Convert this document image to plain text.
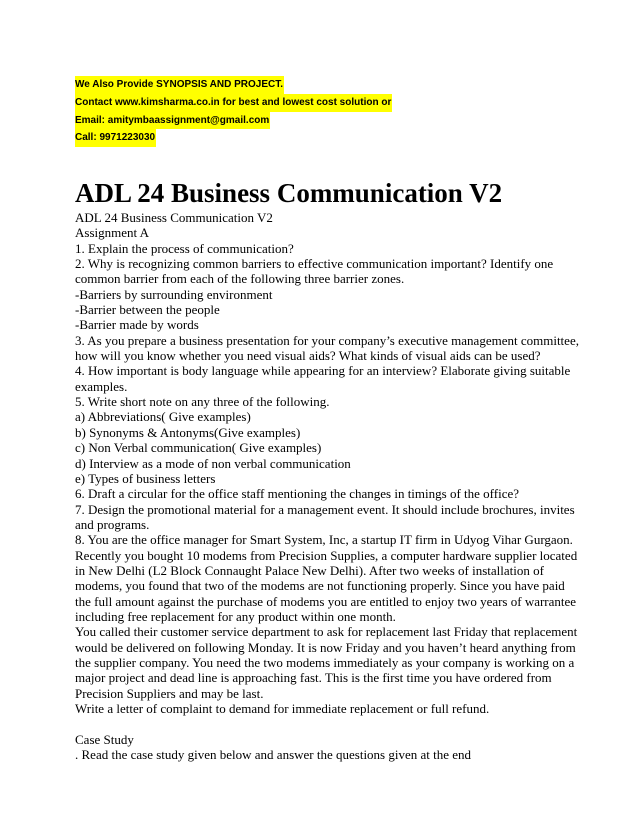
We Also Provide SYNOPSIS AND PROJECT.
Contact www.kimsharma.co.in for best and lowest cost solution or
Email: amitymbaassignment@gmail.com
Call: 9971223030
ADL 24 Business Communication V2
ADL 24 Business Communication V2
Assignment A
1. Explain the process of communication?
2. Why is recognizing common barriers to effective communication important? Identify one
common barrier from each of the following three barrier zones.
-Barriers by surrounding environment
-Barrier between the people
-Barrier made by words
3. As you prepare a business presentation for your company’s executive management committee,
how will you know whether you need visual aids? What kinds of visual aids can be used?
4. How important is body language while appearing for an interview? Elaborate giving suitable
examples.
5. Write short note on any three of the following.
a) Abbreviations( Give examples)
b) Synonyms & Antonyms(Give examples)
c) Non Verbal communication( Give examples)
d) Interview as a mode of non verbal communication
e) Types of business letters
6. Draft a circular for the office staff mentioning the changes in timings of the office?
7. Design the promotional material for a management event. It should include brochures, invites
and programs.
8. You are the office manager for Smart System, Inc, a startup IT firm in Udyog Vihar Gurgaon.
Recently you bought 10 modems from Precision Supplies, a computer hardware supplier located
in New Delhi (L2 Block Connaught Palace New Delhi). After two weeks of installation of
modems, you found that two of the modems are not functioning properly. Since you have paid
the full amount against the purchase of modems you are entitled to enjoy two years of warrantee
including free replacement for any product within one month.
You called their customer service department to ask for replacement last Friday that replacement
would be delivered on following Monday. It is now Friday and you haven’t heard anything from
the supplier company. You need the two modems immediately as your company is working on a
major project and dead line is approaching fast. This is the first time you have ordered from
Precision Suppliers and may be last.
Write a letter of complaint to demand for immediate replacement or full refund.
Case Study
. Read the case study given below and answer the questions given at the end
